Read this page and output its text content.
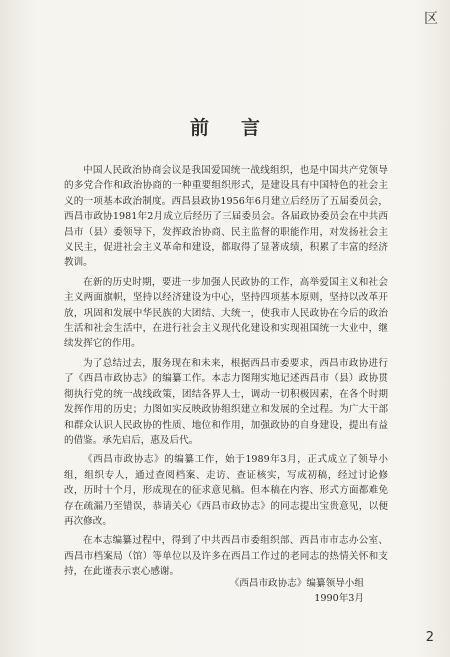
区
前言

中国人民政治协商会议是我国爱国统一战线组织，也是中国共产党领导的多党合作和政治协商的一种重要组织形式，是建设具有中国特色的社会主义的一项基本政治制度。西昌县政协1956年6月建立后经历了五届委员会，西昌市政协1981年2月成立后经历了三届委员会。各届政协委员会在中共西昌市（县）委领导下，发挥政治协商、民主监督的职能作用，对发扬社会主义民主，促进社会主义革命和建设，都取得了显著成绩，积累了丰富的经济教训。

在新的历史时期，要进一步加强人民政协的工作，高举爱国主义和社会主义两面旗帜，坚持以经济建设为中心，坚持四项基本原则，坚持以改革开放，巩固和发展中华民族的大团结、大统一，使我市人民政协在今后的政治生活和社会生活中，在进行社会主义现代化建设和实现祖国统一大业中，继续发挥它的作用。

为了总结过去，服务现在和未来，根据西昌市委要求，西昌市政协进行了《西昌市政协志》的编纂工作。本志力图翔实地记述西昌市（县）政协贯彻执行党的统一战线政策，团结各界人士，调动一切积极因素，在各个时期发挥作用的历史；力图如实反映政协组织建立和发展的全过程。为广大干部和群众认识人民政协的性质、地位和作用，加强政协的自身建设，提出有益的借鉴。承先启后，惠及后代。

《西昌市政协志》的编纂工作，始于1989年3月，正式成立了领导小组，组织专人，通过查阅档案、走访、查证核实，写成初稿，经过讨论修改，历时十个月，形成现在的征求意见稿。但本稿在内容、形式方面都难免存在疏漏乃至错误，恭请关心《西昌市政协志》的同志提出宝贵意见，以便再次修改。

在本志编纂过程中，得到了中共西昌市委组织部、西昌市市志办公室、西昌市档案局（馆）等单位以及许多在西昌工作过的老同志的热情关怀和支持，在此谨表示衷心感谢。

《西昌市政协志》编纂领导小组
1990年3月
2
